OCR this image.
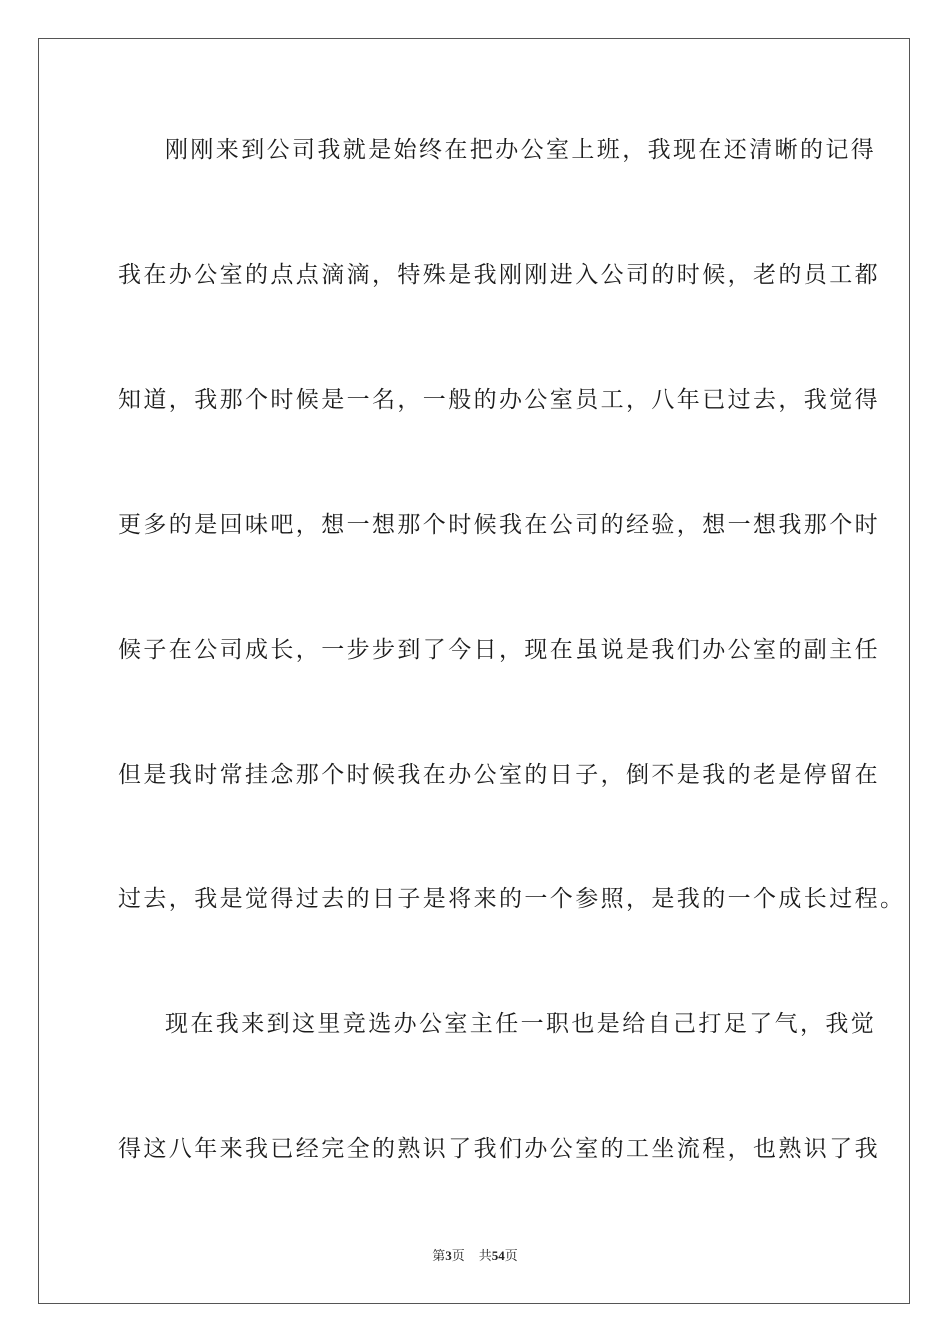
刚刚来到公司我就是始终在把办公室上班，我现在还清晰的记得
我在办公室的点点滴滴，特殊是我刚刚进入公司的时候，老的员工都
知道，我那个时候是一名，一般的办公室员工，八年已过去，我觉得
更多的是回味吧，想一想那个时候我在公司的经验，想一想我那个时
候子在公司成长，一步步到了今日，现在虽说是我们办公室的副主任
但是我时常挂念那个时候我在办公室的日子，倒不是我的老是停留在
过去，我是觉得过去的日子是将来的一个参照，是我的一个成长过程。
现在我来到这里竞选办公室主任一职也是给自己打足了气，我觉
得这八年来我已经完全的熟识了我们办公室的工坐流程，也熟识了我
第3页 共54页
